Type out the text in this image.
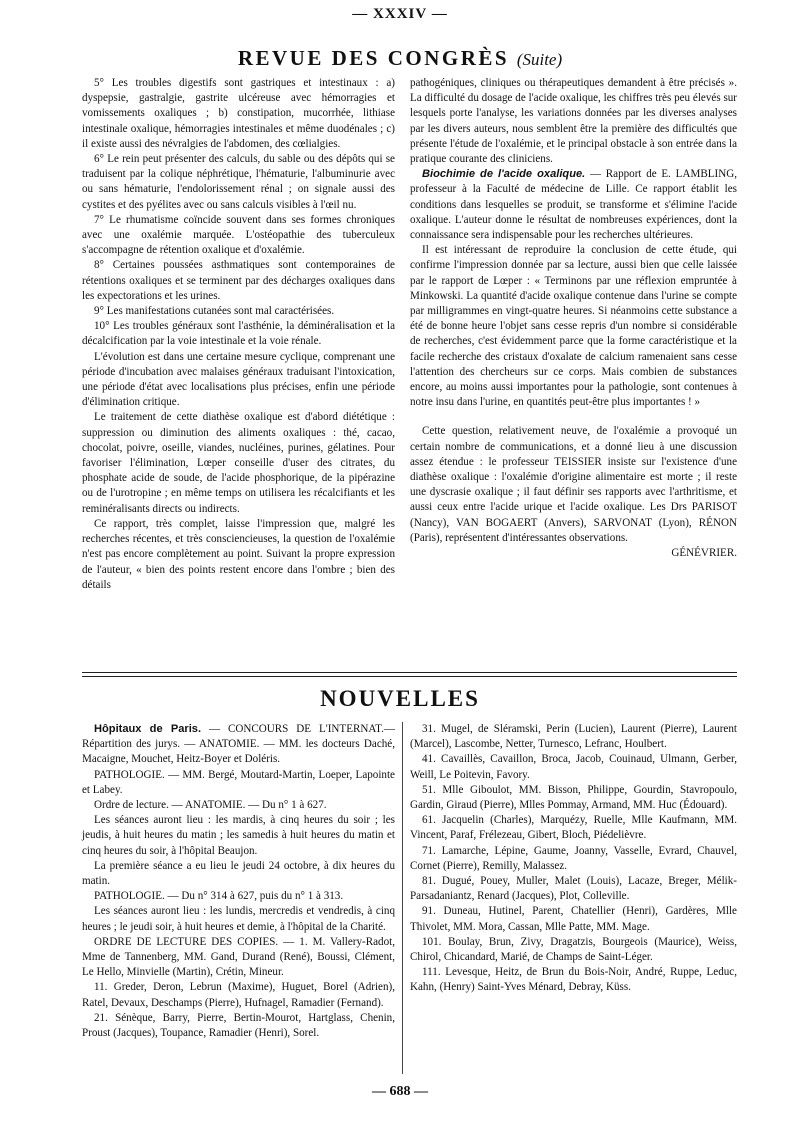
— XXXIV —
REVUE DES CONGRÈS (Suite)

5° Les troubles digestifs sont gastriques et intestinaux : a) dyspepsie, gastralgie, gastrite ulcéreuse avec hémorragies et vomissements oxaliques ; b) constipation, mucorrhée, lithiase intestinale oxalique, hémorragies intestinales et même duodénales ; c) il existe aussi des névralgies de l'abdomen, des cœlialgies.

6° Le rein peut présenter des calculs, du sable ou des dépôts qui se traduisent par la colique néphrétique, l'hématurie, l'albuminurie avec ou sans hématurie, l'endolorissement rénal ; on signale aussi des cystites et des pyélites avec ou sans calculs visibles à l'œil nu.

7° Le rhumatisme coïncide souvent dans ses formes chroniques avec une oxalémie marquée. L'ostéopathie des tuberculeux s'accompagne de rétention oxalique et d'oxalémie.

8° Certaines poussées asthmatiques sont contemporaines de rétentions oxaliques et se terminent par des décharges oxaliques dans les expectorations et les urines.

9° Les manifestations cutanées sont mal caractérisées.

10° Les troubles généraux sont l'asthénie, la déminéralisation et la décalcification par la voie intestinale et la voie rénale.

L'évolution est dans une certaine mesure cyclique, comprenant une période d'incubation avec malaises généraux traduisant l'intoxication, une période d'état avec localisations plus précises, enfin une période d'élimination critique.

Le traitement de cette diathèse oxalique est d'abord diététique : suppression ou diminution des aliments oxaliques : thé, cacao, chocolat, poivre, oseille, viandes, nucléines, purines, gélatines. Pour favoriser l'élimination, Lœper conseille d'user des citrates, du phosphate acide de soude, de l'acide phosphorique, de la pipérazine ou de l'urotropine ; en même temps on utilisera les récalcifiants et les reminéralisants directs ou indirects.

Ce rapport, très complet, laisse l'impression que, malgré les recherches récentes, et très consciencieuses, la question de l'oxalémie n'est pas encore complètement au point. Suivant la propre expression de l'auteur, « bien des points restent encore dans l'ombre ; bien des détails

pathogéniques, cliniques ou thérapeutiques demandent à être précisés ». La difficulté du dosage de l'acide oxalique, les chiffres très peu élevés sur lesquels porte l'analyse, les variations données par les diverses analyses par les divers auteurs, nous semblent être la première des difficultés que présente l'étude de l'oxalémie, et le principal obstacle à son entrée dans la pratique courante des cliniciens.

Biochimie de l'acide oxalique. — Rapport de E. LAMBLING, professeur à la Faculté de médecine de Lille. Ce rapport établit les conditions dans lesquelles se produit, se transforme et s'élimine l'acide oxalique. L'auteur donne le résultat de nombreuses expériences, dont la connaissance sera indispensable pour les recherches ultérieures.

Il est intéressant de reproduire la conclusion de cette étude, qui confirme l'impression donnée par sa lecture, aussi bien que celle laissée par le rapport de Lœper : « Terminons par une réflexion empruntée à Minkowski. La quantité d'acide oxalique contenue dans l'urine se compte par milligrammes en vingt-quatre heures. Si néanmoins cette substance a été de bonne heure l'objet sans cesse repris d'un nombre si considérable de recherches, c'est évidemment parce que la forme caractéristique et la facile recherche des cristaux d'oxalate de calcium ramenaient sans cesse l'attention des chercheurs sur ce corps. Mais combien de substances encore, au moins aussi importantes pour la pathologie, sont contenues à notre insu dans l'urine, en quantités peut-être plus importantes ! »

Cette question, relativement neuve, de l'oxalémie a provoqué un certain nombre de communications, et a donné lieu à une discussion assez étendue : le professeur TEISSIER insiste sur l'existence d'une diathèse oxalique : l'oxalémie d'origine alimentaire est morte ; il reste une dyscrasie oxalique ; il faut définir ses rapports avec l'arthritisme, et aussi ceux entre l'acide urique et l'acide oxalique. Les Drs PARISOT (Nancy), VAN BOGAERT (Anvers), SARVONAT (Lyon), RÉNON (Paris), représentent d'intéressantes observations.

GÉNÉVRIER.
NOUVELLES

Hôpitaux de Paris. — CONCOURS DE L'INTERNAT.— Répartition des jurys. — ANATOMIE. — MM. les docteurs Daché, Macaigne, Mouchet, Heitz-Boyer et Doléris.

PATHOLOGIE. — MM. Bergé, Moutard-Martin, Loeper, Lapointe et Labey.

Ordre de lecture. — ANATOMIE. — Du n° 1 à 627.

Les séances auront lieu : les mardis, à cinq heures du soir ; les jeudis, à huit heures du matin ; les samedis à huit heures du matin et cinq heures du soir, à l'hôpital Beaujon.

La première séance a eu lieu le jeudi 24 octobre, à dix heures du matin.

PATHOLOGIE. — Du n° 314 à 627, puis du n° 1 à 313.

Les séances auront lieu : les lundis, mercredis et vendredis, à cinq heures ; le jeudi soir, à huit heures et demie, à l'hôpital de la Charité.

ORDRE DE LECTURE DES COPIES. — 1. M. Vallery-Radot, Mme de Tannenberg, MM. Gand, Durand (René), Boussi, Clément, Le Hello, Minvielle (Martin), Crétin, Mineur.

11. Greder, Deron, Lebrun (Maxime), Huguet, Borel (Adrien), Ratel, Devaux, Deschamps (Pierre), Hufnagel, Ramadier (Fernand).

21. Sénèque, Barry, Pierre, Bertin-Mourot, Hartglass, Chenin, Proust (Jacques), Toupance, Ramadier (Henri), Sorel.

31. Mugel, de Sléramski, Perin (Lucien), Laurent (Pierre), Laurent (Marcel), Lascombe, Netter, Turnesco, Lefranc, Houlbert.

41. Cavaillès, Cavaillon, Broca, Jacob, Couinaud, Ulmann, Gerber, Weill, Le Poitevin, Favory.

51. Mlle Giboulot, MM. Bisson, Philippe, Gourdin, Stavropoulo, Gardin, Giraud (Pierre), Mlles Pommay, Armand, MM. Huc (Édouard).

61. Jacquelin (Charles), Marquézy, Ruelle, Mlle Kaufmann, MM. Vincent, Paraf, Frélezeau, Gibert, Bloch, Piédelièvre.

71. Lamarche, Lépine, Gaume, Joanny, Vasselle, Evrard, Chauvel, Cornet (Pierre), Remilly, Malassez.

81. Dugué, Pouey, Muller, Malet (Louis), Lacaze, Breger, Mélik-Parsadaniantz, Renard (Jacques), Plot, Colleville.

91. Duneau, Hutinel, Parent, Chatellier (Henri), Gardères, Mlle Thivolet, MM. Mora, Cassan, Mlle Patte, MM. Mage.

101. Boulay, Brun, Zivy, Dragatzis, Bourgeois (Maurice), Weiss, Chirol, Chicandard, Marié, de Champs de Saint-Léger.

111. Levesque, Heitz, de Brun du Bois-Noir, André, Ruppe, Leduc, Kahn, (Henry) Saint-Yves Ménard, Debray, Küss.

— 688 —
